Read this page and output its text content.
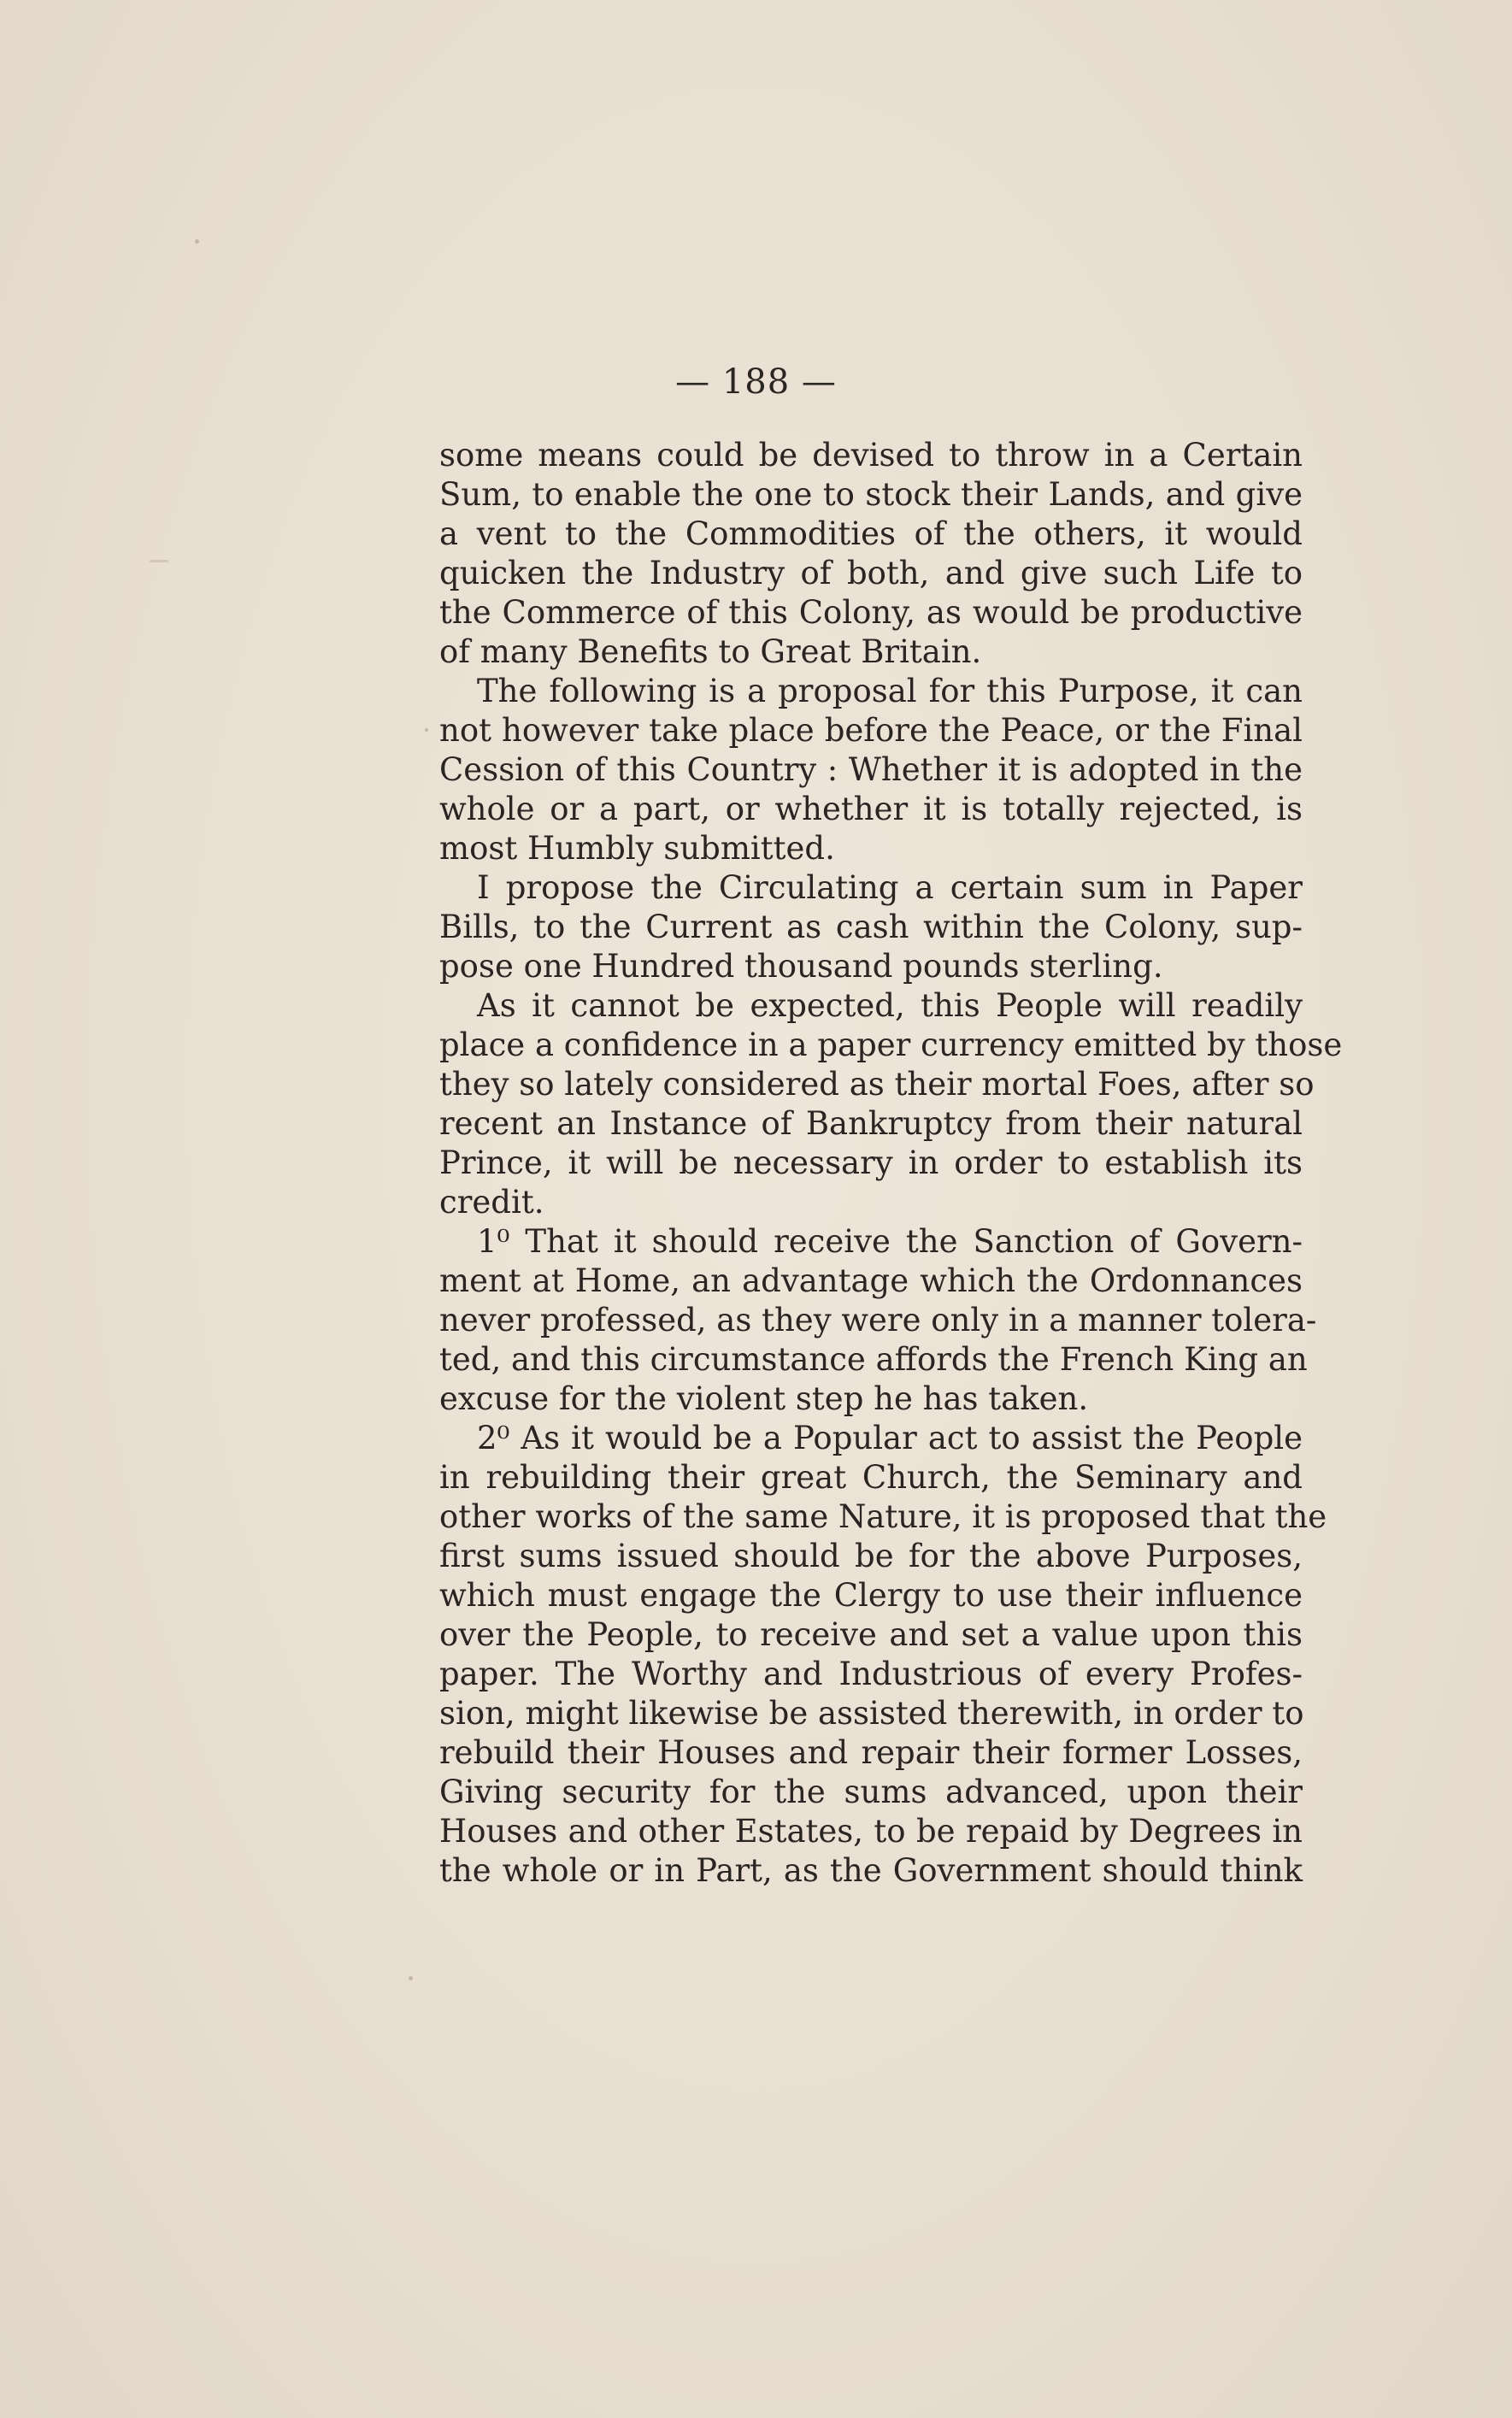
— 188 —
some means could be devised to throw in a Certain
Sum, to enable the one to stock their Lands, and give
a vent to the Commodities of the others, it would
quicken the Industry of both, and give such Life to
the Commerce of this Colony, as would be productive
of many Benefits to Great Britain.
The following is a proposal for this Purpose, it can
not however take place before the Peace, or the Final
Cession of this Country : Whether it is adopted in the
whole or a part, or whether it is totally rejected, is
most Humbly submitted.
I propose the Circulating a certain sum in Paper
Bills, to the Current as cash within the Colony, sup-
pose one Hundred thousand pounds sterling.
As it cannot be expected, this People will readily
place a confidence in a paper currency emitted by those
they so lately considered as their mortal Foes, after so
recent an Instance of Bankruptcy from their natural
Prince, it will be necessary in order to establish its
credit.
1⁰ That it should receive the Sanction of Govern-
ment at Home, an advantage which the Ordonnances
never professed, as they were only in a manner tolera-
ted, and this circumstance affords the French King an
excuse for the violent step he has taken.
2⁰ As it would be a Popular act to assist the People
in rebuilding their great Church, the Seminary and
other works of the same Nature, it is proposed that the
first sums issued should be for the above Purposes,
which must engage the Clergy to use their influence
over the People, to receive and set a value upon this
paper. The Worthy and Industrious of every Profes-
sion, might likewise be assisted therewith, in order to
rebuild their Houses and repair their former Losses,
Giving security for the sums advanced, upon their
Houses and other Estates, to be repaid by Degrees in
the whole or in Part, as the Government should think
